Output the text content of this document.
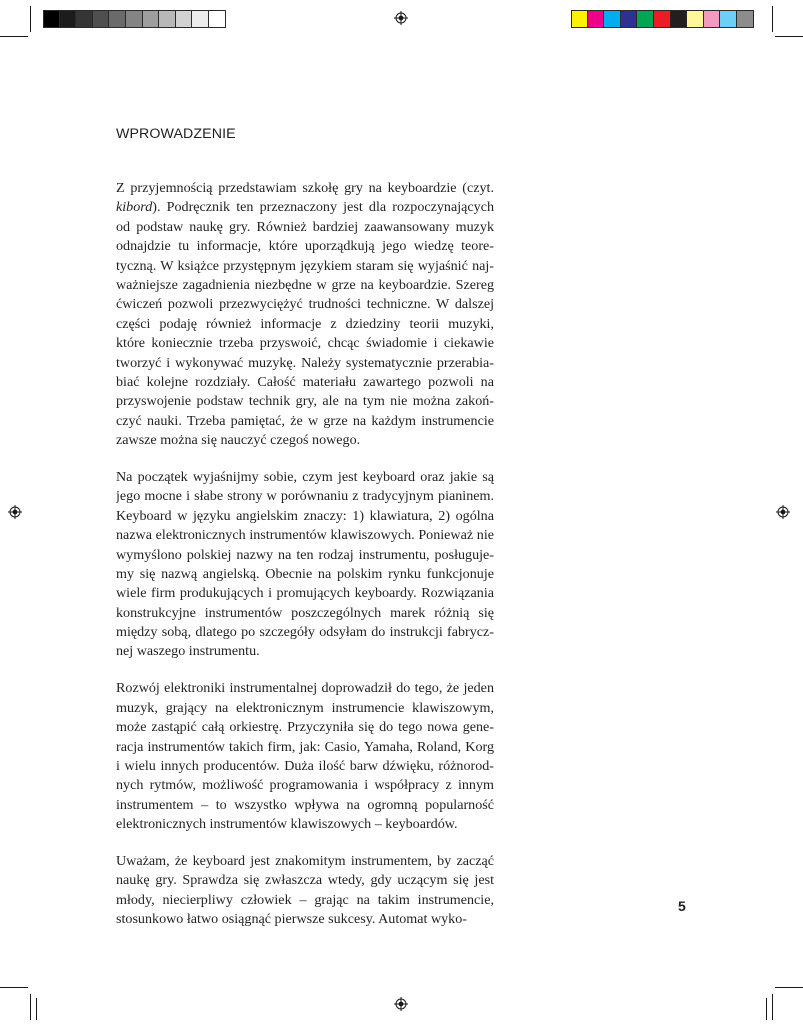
WPROWADZENIE
Z przyjemnością przedstawiam szkołę gry na keyboardzie (czyt.
kibord). Podręcznik ten przeznaczony jest dla rozpoczynających
od podstaw naukę gry. Również bardziej zaawansowany muzyk
odnajdzie tu informacje, które uporządkują jego wiedzę teore-
tyczną. W książce przystępnym językiem staram się wyjaśnić naj-
ważniejsze zagadnienia niezbędne w grze na keyboardzie. Szereg
ćwiczeń pozwoli przezwyciężyć trudności techniczne. W dalszej
części podaję również informacje z dziedziny teorii muzyki,
które koniecznie trzeba przyswoić, chcąc świadomie i ciekawie
tworzyć i wykonywać muzykę. Należy systematycznie przerabia-
biać kolejne rozdziały. Całość materiału zawartego pozwoli na
przyswojenie podstaw technik gry, ale na tym nie można zakoń-
czyć nauki. Trzeba pamiętać, że w grze na każdym instrumencie
zawsze można się nauczyć czegoś nowego.
Na początek wyjaśnijmy sobie, czym jest keyboard oraz jakie są
jego mocne i słabe strony w porównaniu z tradycyjnym pianinem.
Keyboard w języku angielskim znaczy: 1) klawiatura, 2) ogólna
nazwa elektronicznych instrumentów klawiszowych. Ponieważ nie
wymyślono polskiej nazwy na ten rodzaj instrumentu, posługuje-
my się nazwą angielską. Obecnie na polskim rynku funkcjonuje
wiele firm produkujących i promujących keyboardy. Rozwiązania
konstrukcyjne instrumentów poszczególnych marek różnią się
między sobą, dlatego po szczegóły odsyłam do instrukcji fabrycz-
nej waszego instrumentu.
Rozwój elektroniki instrumentalnej doprowadził do tego, że jeden
muzyk, grający na elektronicznym instrumencie klawiszowym,
może zastąpić całą orkiestrę. Przyczyniła się do tego nowa gene-
racja instrumentów takich firm, jak: Casio, Yamaha, Roland, Korg
i wielu innych producentów. Duża ilość barw dźwięku, różnorod-
nych rytmów, możliwość programowania i współpracy z innym
instrumentem – to wszystko wpływa na ogromną popularność
elektronicznych instrumentów klawiszowych – keyboardów.
Uważam, że keyboard jest znakomitym instrumentem, by zacząć
naukę gry. Sprawdza się zwłaszcza wtedy, gdy uczącym się jest
młody, niecierpliwy człowiek – grając na takim instrumencie,
stosunkowo łatwo osiągnąć pierwsze sukcesy. Automat wyko-
5
